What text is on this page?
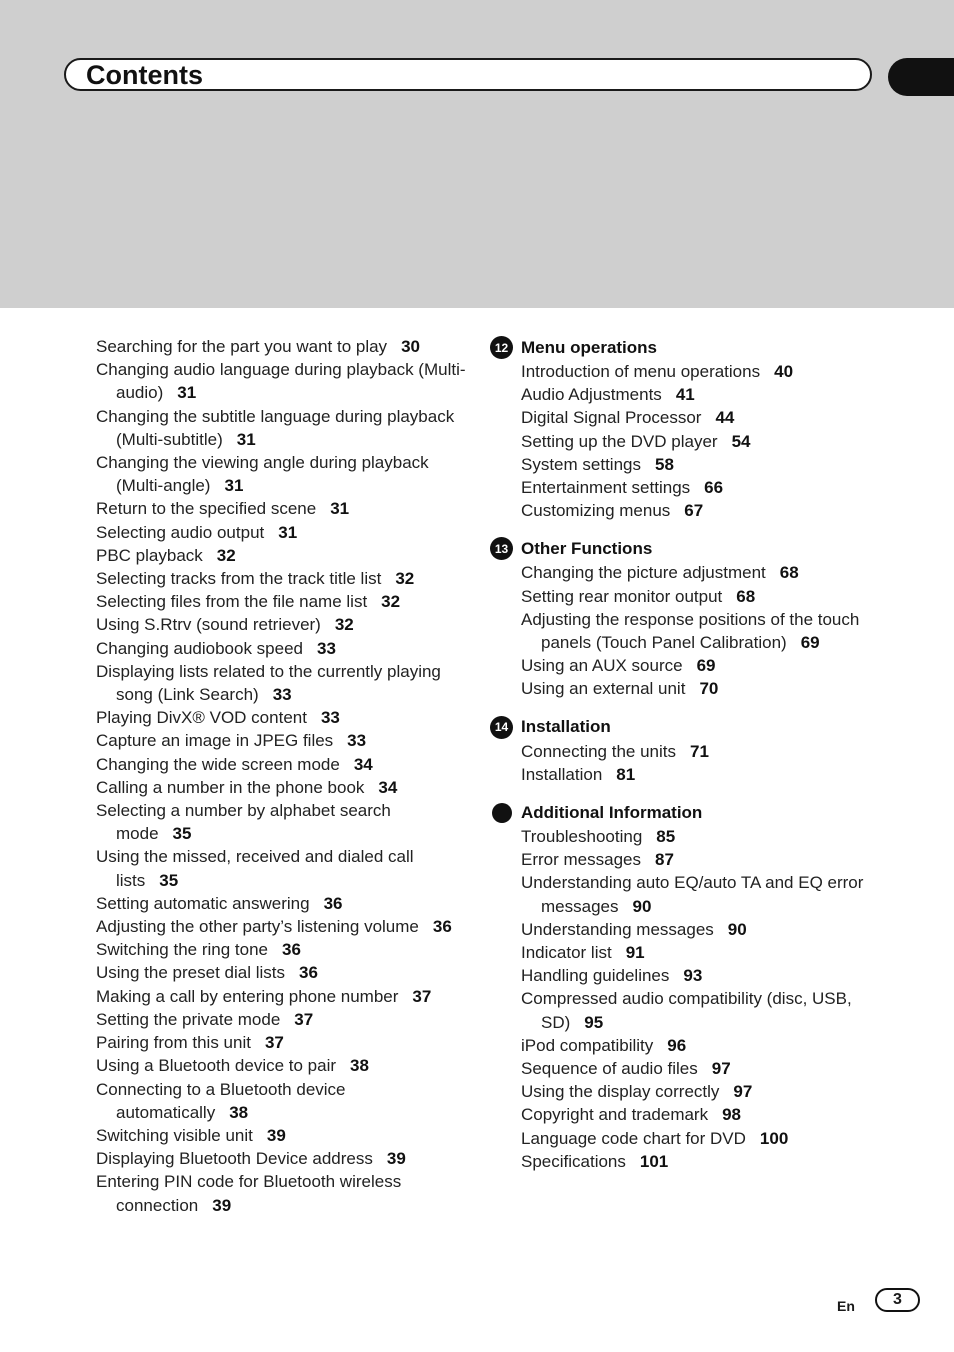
Contents
Searching for the part you want to play 30
Changing audio language during playback (Multi-audio) 31
Changing the subtitle language during playback (Multi-subtitle) 31
Changing the viewing angle during playback (Multi-angle) 31
Return to the specified scene 31
Selecting audio output 31
PBC playback 32
Selecting tracks from the track title list 32
Selecting files from the file name list 32
Using S.Rtrv (sound retriever) 32
Changing audiobook speed 33
Displaying lists related to the currently playing song (Link Search) 33
Playing DivX® VOD content 33
Capture an image in JPEG files 33
Changing the wide screen mode 34
Calling a number in the phone book 34
Selecting a number by alphabet search mode 35
Using the missed, received and dialed call lists 35
Setting automatic answering 36
Adjusting the other party’s listening volume 36
Switching the ring tone 36
Using the preset dial lists 36
Making a call by entering phone number 37
Setting the private mode 37
Pairing from this unit 37
Using a Bluetooth device to pair 38
Connecting to a Bluetooth device automatically 38
Switching visible unit 39
Displaying Bluetooth Device address 39
Entering PIN code for Bluetooth wireless connection 39
12 Menu operations
Introduction of menu operations 40
Audio Adjustments 41
Digital Signal Processor 44
Setting up the DVD player 54
System settings 58
Entertainment settings 66
Customizing menus 67
13 Other Functions
Changing the picture adjustment 68
Setting rear monitor output 68
Adjusting the response positions of the touch panels (Touch Panel Calibration) 69
Using an AUX source 69
Using an external unit 70
14 Installation
Connecting the units 71
Installation 81
Additional Information
Troubleshooting 85
Error messages 87
Understanding auto EQ/auto TA and EQ error messages 90
Understanding messages 90
Indicator list 91
Handling guidelines 93
Compressed audio compatibility (disc, USB, SD) 95
iPod compatibility 96
Sequence of audio files 97
Using the display correctly 97
Copyright and trademark 98
Language code chart for DVD 100
Specifications 101
En	3
